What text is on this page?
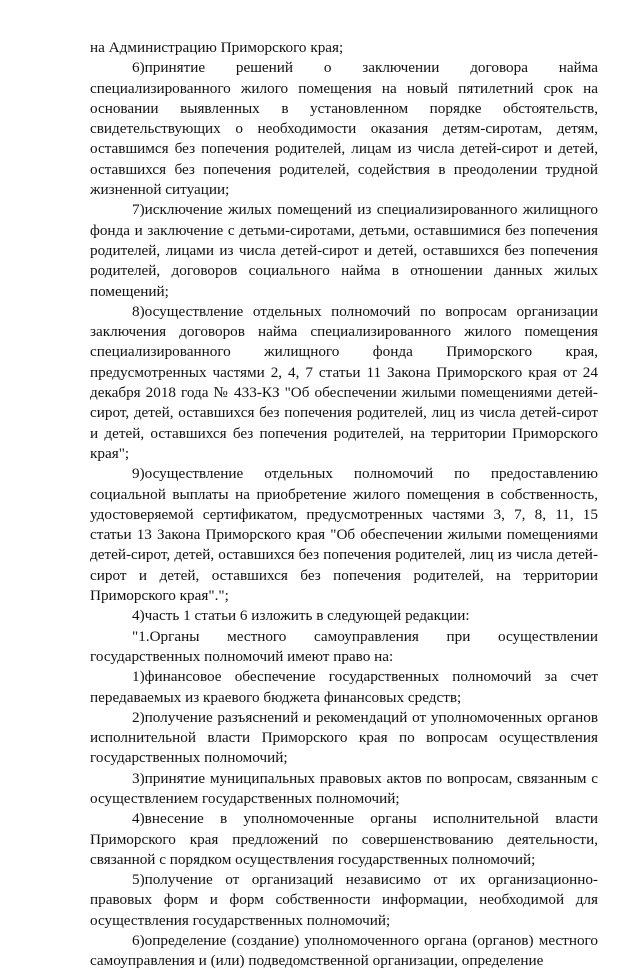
на Администрацию Приморского края;

6)принятие решений о заключении договора найма специализированного жилого помещения на новый пятилетний срок на основании выявленных в установленном порядке обстоятельств, свидетельствующих о необходимости оказания детям-сиротам, детям, оставшимся без попечения родителей, лицам из числа детей-сирот и детей, оставшихся без попечения родителей, содействия в преодолении трудной жизненной ситуации;

7)исключение жилых помещений из специализированного жилищного фонда и заключение с детьми-сиротами, детьми, оставшимися без попечения родителей, лицами из числа детей-сирот и детей, оставшихся без попечения родителей, договоров социального найма в отношении данных жилых помещений;

8)осуществление отдельных полномочий по вопросам организации заключения договоров найма специализированного жилого помещения специализированного жилищного фонда Приморского края, предусмотренных частями 2, 4, 7 статьи 11 Закона Приморского края от 24 декабря 2018 года № 433-КЗ "Об обеспечении жилыми помещениями детей-сирот, детей, оставшихся без попечения родителей, лиц из числа детей-сирот и детей, оставшихся без попечения родителей, на территории Приморского края";

9)осуществление отдельных полномочий по предоставлению социальной выплаты на приобретение жилого помещения в собственность, удостоверяемой сертификатом, предусмотренных частями 3, 7, 8, 11, 15 статьи 13 Закона Приморского края "Об обеспечении жилыми помещениями детей-сирот, детей, оставшихся без попечения родителей, лиц из числа детей-сирот и детей, оставшихся без попечения родителей, на территории Приморского края".";

4)часть 1 статьи 6 изложить в следующей редакции:

"1.Органы местного самоуправления при осуществлении государственных полномочий имеют право на:

1)финансовое обеспечение государственных полномочий за счет передаваемых из краевого бюджета финансовых средств;

2)получение разъяснений и рекомендаций от уполномоченных органов исполнительной власти Приморского края по вопросам осуществления государственных полномочий;

3)принятие муниципальных правовых актов по вопросам, связанным с осуществлением государственных полномочий;

4)внесение в уполномоченные органы исполнительной власти Приморского края предложений по совершенствованию деятельности, связанной с порядком осуществления государственных полномочий;

5)получение от организаций независимо от их организационно-правовых форм и форм собственности информации, необходимой для осуществления государственных полномочий;

6)определение (создание) уполномоченного органа (органов) местного самоуправления и (или) подведомственной организации, определение
